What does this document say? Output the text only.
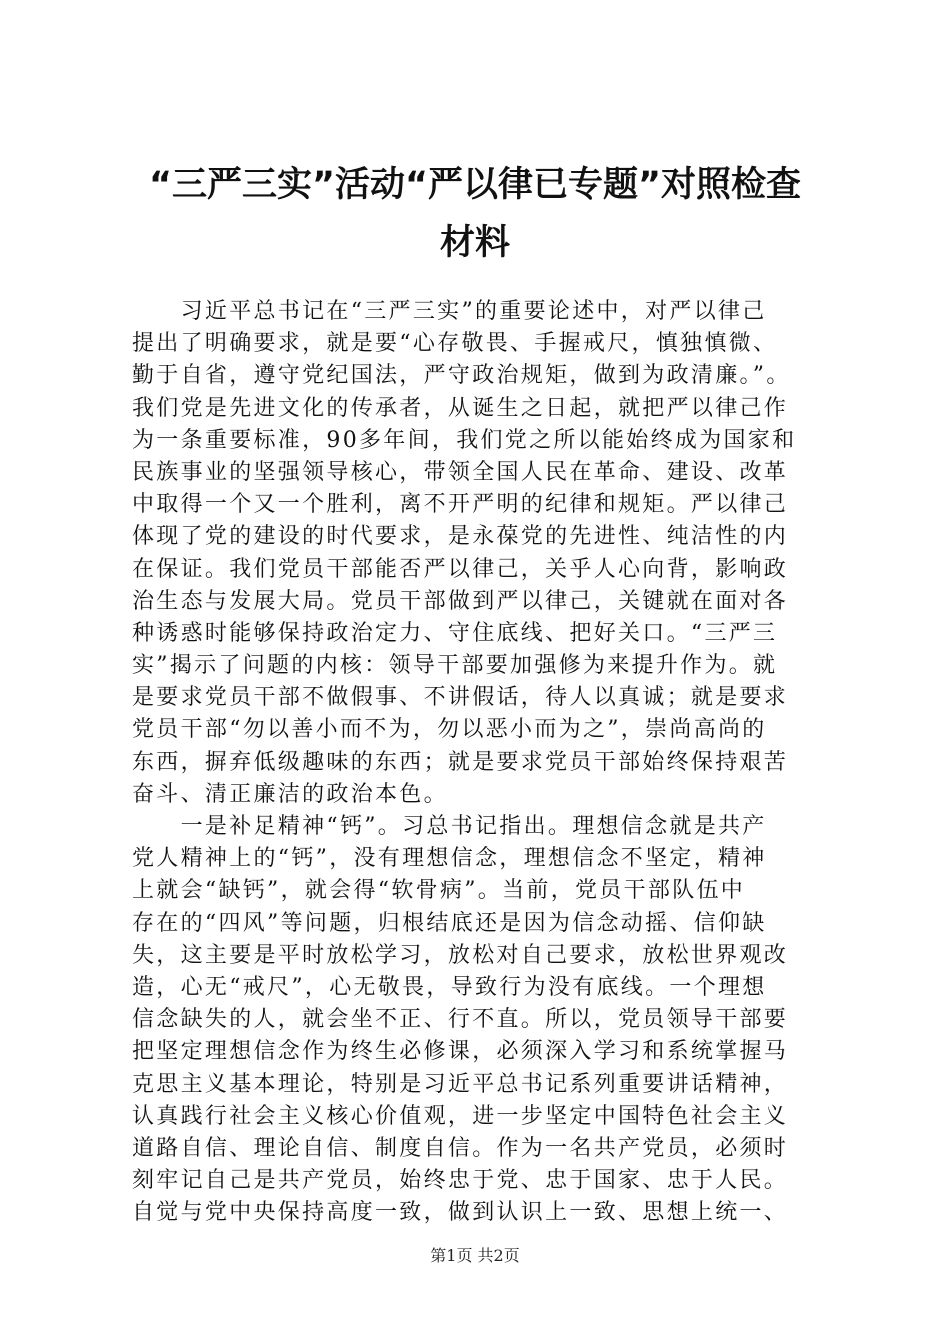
“三严三实”活动“严以律已专题”对照检查
材料
　　习近平总书记在“三严三实”的重要论述中，对严以律己
提出了明确要求，就是要“心存敬畏、手握戒尺，慎独慎微、
勤于自省，遵守党纪国法，严守政治规矩，做到为政清廉。”。
我们党是先进文化的传承者，从诞生之日起，就把严以律己作
为一条重要标准，90多年间，我们党之所以能始终成为国家和
民族事业的坚强领导核心，带领全国人民在革命、建设、改革
中取得一个又一个胜利，离不开严明的纪律和规矩。严以律己
体现了党的建设的时代要求，是永葆党的先进性、纯洁性的内
在保证。我们党员干部能否严以律己，关乎人心向背，影响政
治生态与发展大局。党员干部做到严以律己，关键就在面对各
种诱惑时能够保持政治定力、守住底线、把好关口。“三严三
实”揭示了问题的内核：领导干部要加强修为来提升作为。就
是要求党员干部不做假事、不讲假话，待人以真诚；就是要求
党员干部“勿以善小而不为，勿以恶小而为之”，崇尚高尚的
东西，摒弃低级趣味的东西；就是要求党员干部始终保持艰苦
奋斗、清正廉洁的政治本色。
　　一是补足精神“钙”。习总书记指出。理想信念就是共产
党人精神上的“钙”，没有理想信念，理想信念不坚定，精神
上就会“缺钙”，就会得“软骨病”。当前，党员干部队伍中
存在的“四风”等问题，归根结底还是因为信念动摇、信仰缺
失，这主要是平时放松学习，放松对自己要求，放松世界观改
造，心无“戒尺”，心无敬畏，导致行为没有底线。一个理想
信念缺失的人，就会坐不正、行不直。所以，党员领导干部要
把坚定理想信念作为终生必修课，必须深入学习和系统掌握马
克思主义基本理论，特别是习近平总书记系列重要讲话精神，
认真践行社会主义核心价值观，进一步坚定中国特色社会主义
道路自信、理论自信、制度自信。作为一名共产党员，必须时
刻牢记自己是共产党员，始终忠于党、忠于国家、忠于人民。
自觉与党中央保持高度一致，做到认识上一致、思想上统一、
第1页 共2页
